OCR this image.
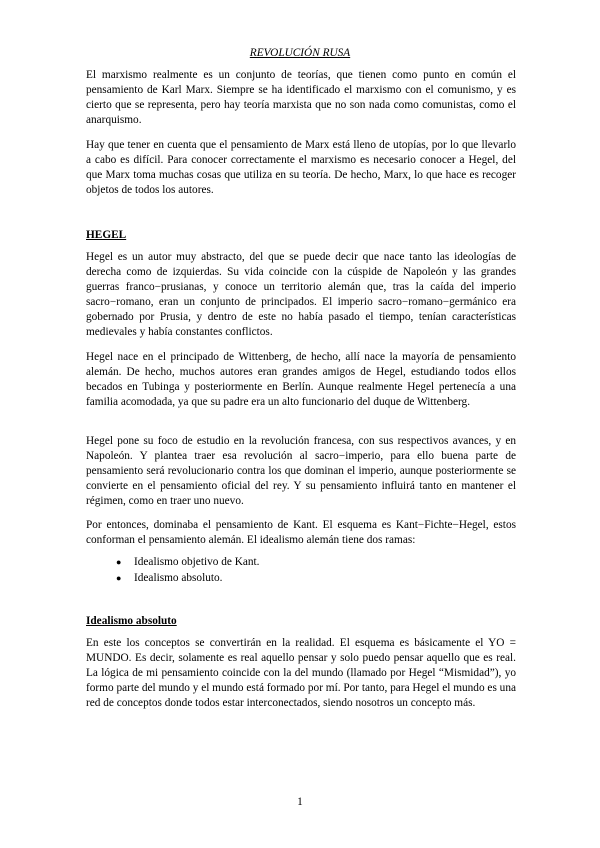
REVOLUCIÓN RUSA

El marxismo realmente es un conjunto de teorías, que tienen como punto en común el pensamiento de Karl Marx. Siempre se ha identificado el marxismo con el comunismo, y es cierto que se representa, pero hay teoría marxista que no son nada como comunistas, como el anarquismo.

Hay que tener en cuenta que el pensamiento de Marx está lleno de utopías, por lo que llevarlo a cabo es difícil. Para conocer correctamente el marxismo es necesario conocer a Hegel, del que Marx toma muchas cosas que utiliza en su teoría. De hecho, Marx, lo que hace es recoger objetos de todos los autores.

HEGEL

Hegel es un autor muy abstracto, del que se puede decir que nace tanto las ideologías de derecha como de izquierdas. Su vida coincide con la cúspide de Napoleón y las grandes guerras franco−prusianas, y conoce un territorio alemán que, tras la caída del imperio sacro−romano, eran un conjunto de principados. El imperio sacro−romano−germánico era gobernado por Prusia, y dentro de este no había pasado el tiempo, tenían características medievales y había constantes conflictos.

Hegel nace en el principado de Wittenberg, de hecho, allí nace la mayoría de pensamiento alemán. De hecho, muchos autores eran grandes amigos de Hegel, estudiando todos ellos becados en Tubinga y posteriormente en Berlín. Aunque realmente Hegel pertenecía a una familia acomodada, ya que su padre era un alto funcionario del duque de Wittenberg.

Hegel pone su foco de estudio en la revolución francesa, con sus respectivos avances, y en Napoleón. Y plantea traer esa revolución al sacro−imperio, para ello buena parte de pensamiento será revolucionario contra los que dominan el imperio, aunque posteriormente se convierte en el pensamiento oficial del rey. Y su pensamiento influirá tanto en mantener el régimen, como en traer uno nuevo.

Por entonces, dominaba el pensamiento de Kant. El esquema es Kant−Fichte−Hegel, estos conforman el pensamiento alemán. El idealismo alemán tiene dos ramas:

● Idealismo objetivo de Kant.
● Idealismo absoluto.

Idealismo absoluto

En este los conceptos se convertirán en la realidad. El esquema es básicamente el YO = MUNDO. Es decir, solamente es real aquello pensar y solo puedo pensar aquello que es real. La lógica de mi pensamiento coincide con la del mundo (llamado por Hegel “Mismidad”), yo formo parte del mundo y el mundo está formado por mí. Por tanto, para Hegel el mundo es una red de conceptos donde todos estar interconectados, siendo nosotros un concepto más.

1
